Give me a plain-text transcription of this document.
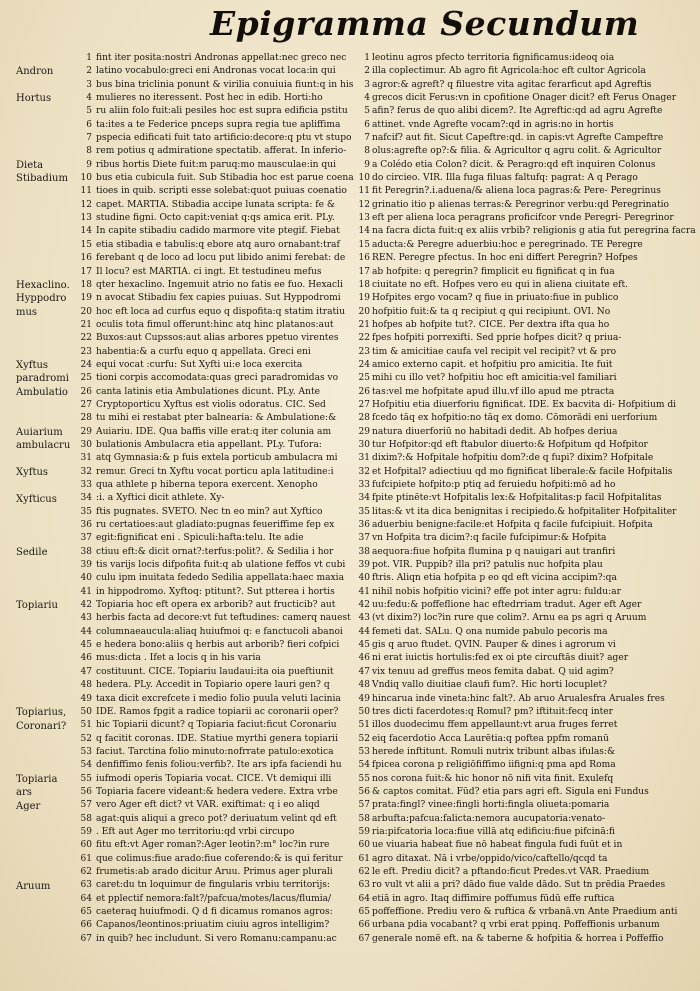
Epigramma Secundum
1
2
3
4
5
6
7
8
9
10
11
12
13
14
15
16
17
18
19
20
21
22
23
24
25
26
27
28
29
30
31
32
33
34
35
36
37
38
39
40
41
42
43
44
45
46
47
48
49
50
51
52
53
54
55
56
57
58
59
60
61
62
63
64
65
66
67
fint iter posita:nostri Andronas appellat:nec greco nec
latino vocabulo:greci eni Andronas vocat loca:in qui
bus bina triclinia ponunt & virilia conuiuia fiunt:q in his
mulieres no iteressent. Post hec in edib. Horti:ho
ru aliin folo fuit:ali pesiles hoc est supra edificia pstitu
ta:ites a te Federice pnceps supra regia tue apliffima
pspecia edificati fuit tato artificio:decore:q ptu vt stupo
rem potius q admiratione spectatib. afferat. In inferio-
ribus hortis Diete fuit:m paruq:mo mausculae:in qui
bus etia cubicula fuit. Sub Stibadia hoc est parue coena
tioes in quib. scripti esse solebat:quot puiuas coenatio
capet. MARTIA. Stibadia accipe lunata scripta: fe &
studine figni. Octo capit:veniat q:qs amica erit. PLy.
In capite stibadiu cadido marmore vite ptegif. Fiebat
etia stibadia e tabulis:q ebore atq auro ornabant:traf
ferebant q de loco ad locu put libido animi ferebat: de
Il locu? est MARTIA. ci ingt. Et testudineu mefus
qter hexaclino. Ingemuit atrio no fatis ee fuo. Hexacli
n avocat Stibadiu fex capies puiuas. Sut Hyppodromi
hoc eft loca ad curfus equo q dispofita:q statim itratiu
oculis tota fimul offerunt:hinc atq hinc platanos:aut
Buxos:aut Cupssos:aut alias arbores ppetuo virentes
habentia:& a curfu equo q appellata. Greci eni
equi vocat :curfu: Sut Xyfti ui:e loca exercita
tioni corpis accomodata:quas greci paradromidas vo
canta latinis etia Ambulationes dicunt. PLy. Ante
Cryptoporticu Xyftus est violis odoratus. CIC. Sed
tu mihi ei restabat pter balnearia: & Ambulatione:&
Auiariu. IDE. Qua baffis ville erat:q iter colunia am
bulationis Ambulacra etia appellant. PLy. Tufora:
atq Gymnasia:& p fuis extela porticub ambulacra mi
remur. Greci tn Xyftu vocat porticu apla latitudine:i
qua athlete p hiberna tepora exercent. Xenopho
:i. a Xyftici dicit athlete. Xy-
ftis pugnates. SVETO. Nec tn eo min? aut Xyftico
ru certatioes:aut gladiato:pugnas feueriffime fep ex
egit:fignificat eni . Spiculi:hafta:telu. Ite adie
ctiuu eft:& dicit ornat?:terfus:polit?. & Sedilia i hor
tis varijs locis difpofita fuit:q ab ulatione feffos vt cubi
culu ipm inuitata fededo Sedilia appellata:haec maxia
in hippodromo. Xyftoq: ptitunt?. Sut ptterea i hortis
Topiaria hoc eft opera ex arborib? aut fructicib? aut
herbis facta ad decore:vt fut teftudines: camerq nauest
columnaeaucula:aliaq huiufmoi q: e fanctucoli abanoi
e hedera bono:aliis q herbis aut arborib? fieri cofpici
mus:dicta . Ifet a locis q in his varia
costituunt. CICE. Topiariu laudaui:ita oia pueftiunit
hedera. PLy. Accedit in Topiario opere lauri gen? q
taxa dicit excrefcete i medio folio puula veluti lacinia
IDE. Ramos fpgit a radice topiarii ac coronarii oper?
hic Topiarii dicunt? q Topiaria faciut:ficut Coronariu
q facitit coronas. IDE. Statiue myrthi genera topiarii
faciut. Tarctina folio minuto:nofrrate patulo:exotica
denfiffimo fenis foliou:verfib?. Ite ars ipfa faciendi hu
iufmodi operis Topiaria vocat. CICE. Vt demiqui illi
Topiaria facere videant:& hedera vedere. Extra vrbe
vero Ager eft dict? vt VAR. exiftimat: q i eo aliqd
agat:quis aliqui a greco pot? deriuatum velint qd eft
. Eft aut Ager mo territoriu:qd vrbi circupo
fitu eft:vt Ager roman?:Ager leotin?:m° loc?in rure
que colimus:fiue arado:fiue coferendo:& is qui feritur
frumetis:ab arado dicitur Aruu. Primus ager plurali
caret:du tn loquimur de fingularis vrbiu territorijs:
et pplectif nemora:falt?/pafcua/motes/lacus/flumia/
caeteraq huiufmodi. Q d fi dicamus romanos agros:
Capanos/leontinos:priuatim ciuiu agros intelligim?
in quib? hec includunt. Si vero Romanu:campanu:ac
1
2
3
4
5
6
7
8
9
10
11
12
13
14
15
16
17
18
19
20
21
22
23
24
25
26
27
28
29
30
31
32
33
34
35
36
37
38
39
40
41
42
43
44
45
46
47
48
49
50
51
52
53
54
55
56
57
58
59
60
61
62
63
64
65
66
67
leotinu agros pfecto territoria fignificamus:ideoq oia
illa coplectimur. Ab agro fit Agricola:hoc eft cultor Agricola
agror:& agreft? q filuestre vita agitac ferarficut apd Agreftis
grecos dicit Ferus:vn in cpofitione Onager dicit? eft Ferus Onager
afin? ferus de quo alibi dicem?. Ite Agreftic:qd ad agru Agrefte
attinet. vnde Agrefte vocam?:qd in agris:no in hortis
nafcif? aut fit. Sicut Capeftre:qd. in capis:vt Agrefte Campeftre
olus:agrefte op?:& filia. & Agricultor q agru colit. & Agricultor
a Colédo etia Colon? dicit. & Peragro:qd eft inquiren Colonus
do circieo. VIR. Illa fuga filuas faltufq: pagrat: A q Perago
fit Peregrin?.i.aduena/& aliena loca pagras:& Pere- Peregrinus
grinatio itio p alienas terras:& Peregrinor verbu:qd Peregrinatio
eft per aliena loca peragrans proficifcor vnde Peregri- Peregrinor
na facra dicta fuit:q ex aliis vrbib? religionis g atia fut peregrina facra
aducta:& Peregre aduerbiu:hoc e peregrinado. TE Peregre
REN. Peregre pfectus. In hoc eni differt Peregrin? Hofpes
ab hofpite: q peregrin? fimplicit eu fignificat q in fua
ciuitate no eft. Hofpes vero eu qui in aliena ciuitate eft.
Hofpites ergo vocam? q fiue in priuato:fiue in publico
hofpitio fuit:& ta q recipiut q qui recipiunt. OVI. No
hofpes ab hofpite tut?. CICE. Per dextra ifta qua ho
fpes hofpiti porrexifti. Sed pprie hofpes dicit? q priua-
tim & amicitiae caufa vel recipit vel recipit? vt & pro
amico externo capit. et hofpitiu pro amicitia. Ite fuit
mihi cu illo vet? hofpitiu hoc eft amicitia:vel familiari
tas:vel me hofpitate apud illu.vf illo apud me ptracta
Hofpitiu etia diuerforiu fignificat. IDE. Ex bacvita di- Hofpitium di
fcedo tāq ex hofpitio:no tāq ex domo. Cōmorādi eni uerforium
natura diuerforiū no habitadi dedit. Ab hofpes deriua
tur Hofpitor:qd eft ftabulor diuerto:& Hofpitum qd Hofpitor
dixim?:& Hofpitale hofpitiu dom?:de q fupi? dixim? Hofpitale
et Hofpital? adiectiuu qd mo fignificat liberale:& facile Hofpitalis
fufcipiete hofpito:p ptiq ad feruiedu hofpiti:mō ad ho
fpite ptinēte:vt Hofpitalis lex:& Hofpitalitas:p facil Hofpitalitas
litas:& vt ita dica benignitas i recipiedo.& hofpitaliter Hofpitaliter
aduerbiu benigne:facile:et Hofpita q facile fufcipiuit. Hofpita
vn Hofpita tra dicim?:q facile fufcipimur:& Hofpita
aequora:fiue hofpita flumina p q nauigari aut tranfiri
pot. VIR. Puppib? illa pri? patulis nuc hofpita plau
ftris. Aliqn etia hofpita p eo qd eft vicina accipim?:qa
nihil nobis hofpitio vicini? effe pot inter agru: fuldu:ar
uu:fedu:& poffeflione hac eftedrriam tradut. Ager eft Ager
(vt dixim?) loc?in rure que colim?. Arnu ea ps agri q Aruum
femeti dat. SALu. Q ona numide pabulo pecoris ma
gis q aruo ftudet. QVIN. Pauper & dines i agrorum vi
ni erat iuictis hortulis:fed ex oi pte circuftās diuit? ager
vix tenuu ad greffus meos femita dabat. Q uid agim?
Vndiq vallo diuitiae claufi fum?. Hic horti locuplet?
hincarua inde vineta:hinc falt?. Ab aruo Arualesfra Aruales fres
tres dicti facerdotes:q Romul? pm? iftituit:fecq inter
illos duodecimu ffem appellaunt:vt arua fruges ferret
eiq facerdotio Acca Laurētia:q poftea ppfm romanū
herede inftitunt. Romuli nutrix tribunt albas ifulas:&
fpicea corona p religiōfiffimo iifigni:q pma apd Roma
nos corona fuit:& hic honor nō nifi vita finit. Exulefq
& captos comitat. Fūd? etia pars agri eft. Sigula eni Fundus
prata:fingl? vinee:fingli horti:fingla oliueta:pomaria
arbufta:pafcua:falicta:nemora aucupatoria:venato-
ria:pifcatoria loca:fiue villā atq edificiu:fiue pifcinā:fi
ue viuaria habeat fiue nō habeat fingula fudi fuūt et in
agro ditaxat. Nā i vrbe/oppido/vico/caftello/qcqd ta
le eft. Prediu dicit? a pftando:ficut Predes.vt VAR. Praedium
ro vult vt alii a pri? dādo fiue valde dādo. Sut tn prēdia Praedes
etiā in agro. Itaq diffimire poffumus fūdū effe ruftica
poffeffione. Prediu vero & ruftica & vrbanā.vn Ante Praedium anti
urbana pdia vocabant? q vrbi erat ppinq. Poffeffionis urbanum
generale nomē eft. na & taberne & hofpitia & horrea i Poffeffio
Andron
Hortus
Dieta
Stibadium
Hexaclino.
Hyppodro
mus
Xyftus
paradromi
Ambulatio
Auiarium
ambulacru
Xyftus
Xyfticus
Sedile
Topiariu
Topiarius,
Coronari?
Topiaria
ars
Ager
Aruum
